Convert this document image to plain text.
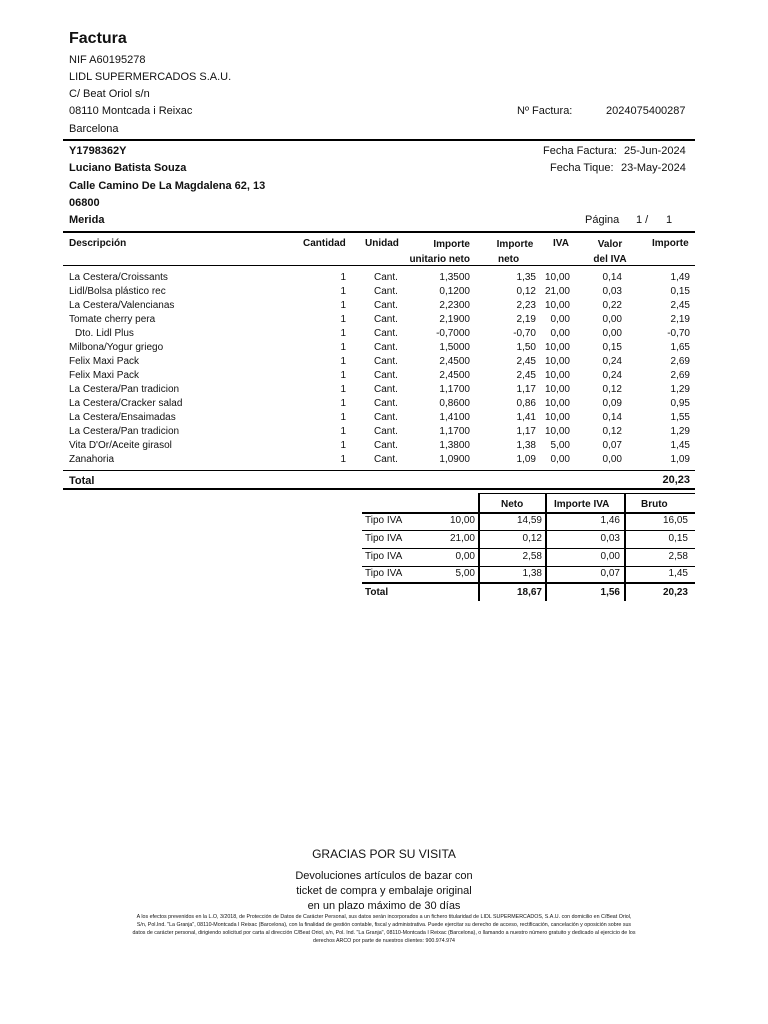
Factura
NIF A60195278
LIDL SUPERMERCADOS S.A.U.
C/ Beat Oriol s/n
08110 Montcada i Reixac
Barcelona
Nº Factura:	2024075400287
Y1798362Y
Luciano Batista Souza
Calle Camino De La Magdalena 62, 13
06800
Merida
Fecha Factura: 25-Jun-2024
Fecha Tique: 23-May-2024
Página 1 / 1
Descripción	Cantidad Unidad	Importe
unitario neto
Importe
neto
IVA	Valor
del IVA
Importe
La Cestera/Croissants	1	Cant.	1,3500	1,35 10,00	0,14	1,49
Lidl/Bolsa plástico rec	1	Cant.	0,1200	0,12 21,00	0,03	0,15
La Cestera/Valencianas	1	Cant.	2,2300	2,23 10,00	0,22	2,45
Tomate cherry pera	1	Cant.	2,1900	2,19	0,00	0,00	2,19
Dto. Lidl Plus	1	Cant.	-0,7000	-0,70	0,00	0,00	-0,70
Milbona/Yogur griego	1	Cant.	1,5000	1,50 10,00	0,15	1,65
Felix Maxi Pack	1	Cant.	2,4500	2,45 10,00	0,24	2,69
Felix Maxi Pack	1	Cant.	2,4500	2,45 10,00	0,24	2,69
La Cestera/Pan tradicion	1	Cant.	1,1700	1,17 10,00	0,12	1,29
La Cestera/Cracker salad	1	Cant.	0,8600	0,86 10,00	0,09	0,95
La Cestera/Ensaimadas	1	Cant.	1,4100	1,41 10,00	0,14	1,55
La Cestera/Pan tradicion	1	Cant.	1,1700	1,17 10,00	0,12	1,29
Vita D'Or/Aceite girasol	1	Cant.	1,3800	1,38	5,00	0,07	1,45
Zanahoria	1	Cant.	1,0900	1,09	0,00	0,00	1,09
Total	20,23
Neto	Importe IVA	Bruto
Tipo IVA	10,00	14,59	1,46	16,05
Tipo IVA	21,00	0,12	0,03	0,15
Tipo IVA	0,00	2,58	0,00	2,58
Tipo IVA	5,00	1,38	0,07	1,45
Total	18,67	1,56	20,23
GRACIAS POR SU VISITA
Devoluciones artículos de bazar con
ticket de compra y embalaje original
en un plazo máximo de 30 días
A los efectos prevenidos en la L.O, 3/2018, de Protección de Datos de Carácter Personal, sus datos serán incorporados a un fichero titularidad de LIDL SUPERMERCADOS, S.A.U. con domicilio en C/Beat Oriol,
S/n, Pol.Ind. "La Granja", 08110-Montcada I Reixac (Barcelona), con la finalidad de gestión contable, fiscal y administrativa. Puede ejercitar su derecho de acceso, rectificación, cancelación y oposición sobre sus
datos de carácter personal, dirigiendo solicitud por carta al dirección C/Beat Oriol, s/n, Pol. Ind. "La Granja", 08110-Montcada I Reixac (Barcelona), o llamando a nuestro número gratuito y dedicado al ejercicio de los
derechos ARCO por parte de nuestros clientes: 900.974.974
